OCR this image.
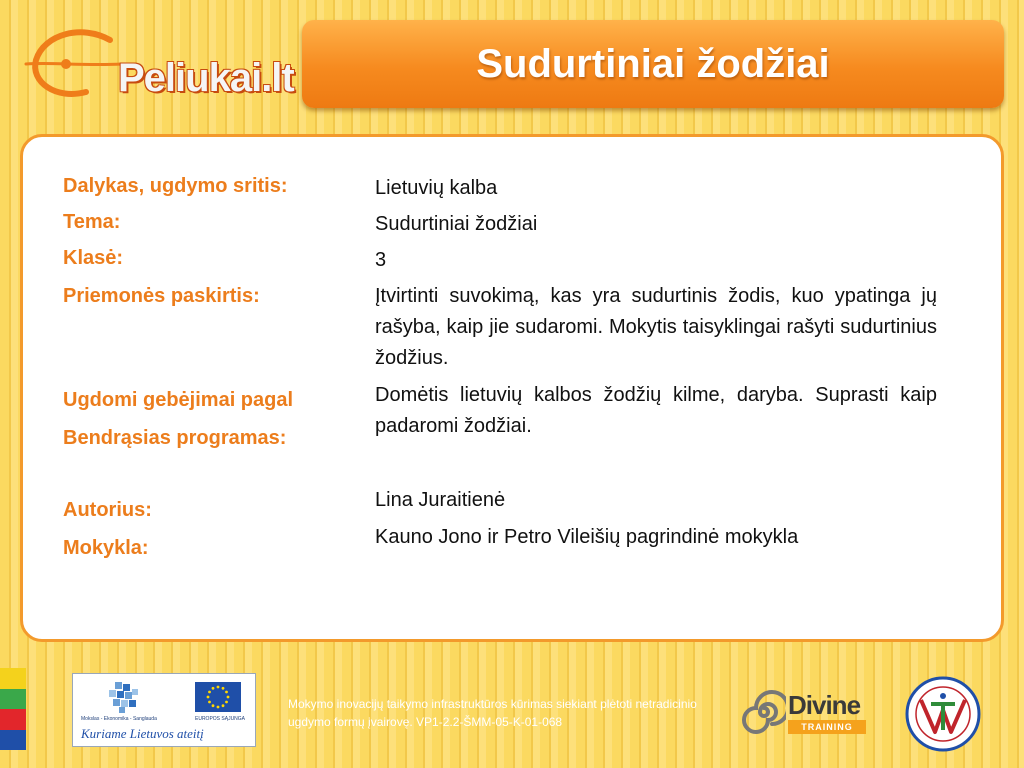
Peliukai.lt	Sudurtiniai žodžiai
Dalykas, ugdymo sritis:	Lietuvių kalba
Tema:	Sudurtiniai žodžiai
Klasė:	3
Priemonės paskirtis:	Įtvirtinti suvokimą, kas yra sudurtinis žodis, kuo ypatinga jų rašyba, kaip jie sudaromi. Mokytis taisyklingai rašyti sudurtinius žodžius.
Ugdomi gebėjimai pagal
Bendrąsias programas:
Domėtis lietuvių kalbos žodžių kilme, daryba. Suprasti kaip padaromi žodžiai.
Autorius:	Lina Juraitienė
Mokykla:	Kauno Jono ir Petro Vileišių pagrindinė mokykla
Mokslas - Ekonomika - Sanglauda	EUROPOS SĄJUNGA
Kuriame Lietuvos ateitį
Mokymo inovacijų taikymo infrastruktūros kūrimas siekiant plėtoti netradicinio ugdymo formų įvairovę. VP1-2.2-ŠMM-05-K-01-068
Divine
TRAINING
